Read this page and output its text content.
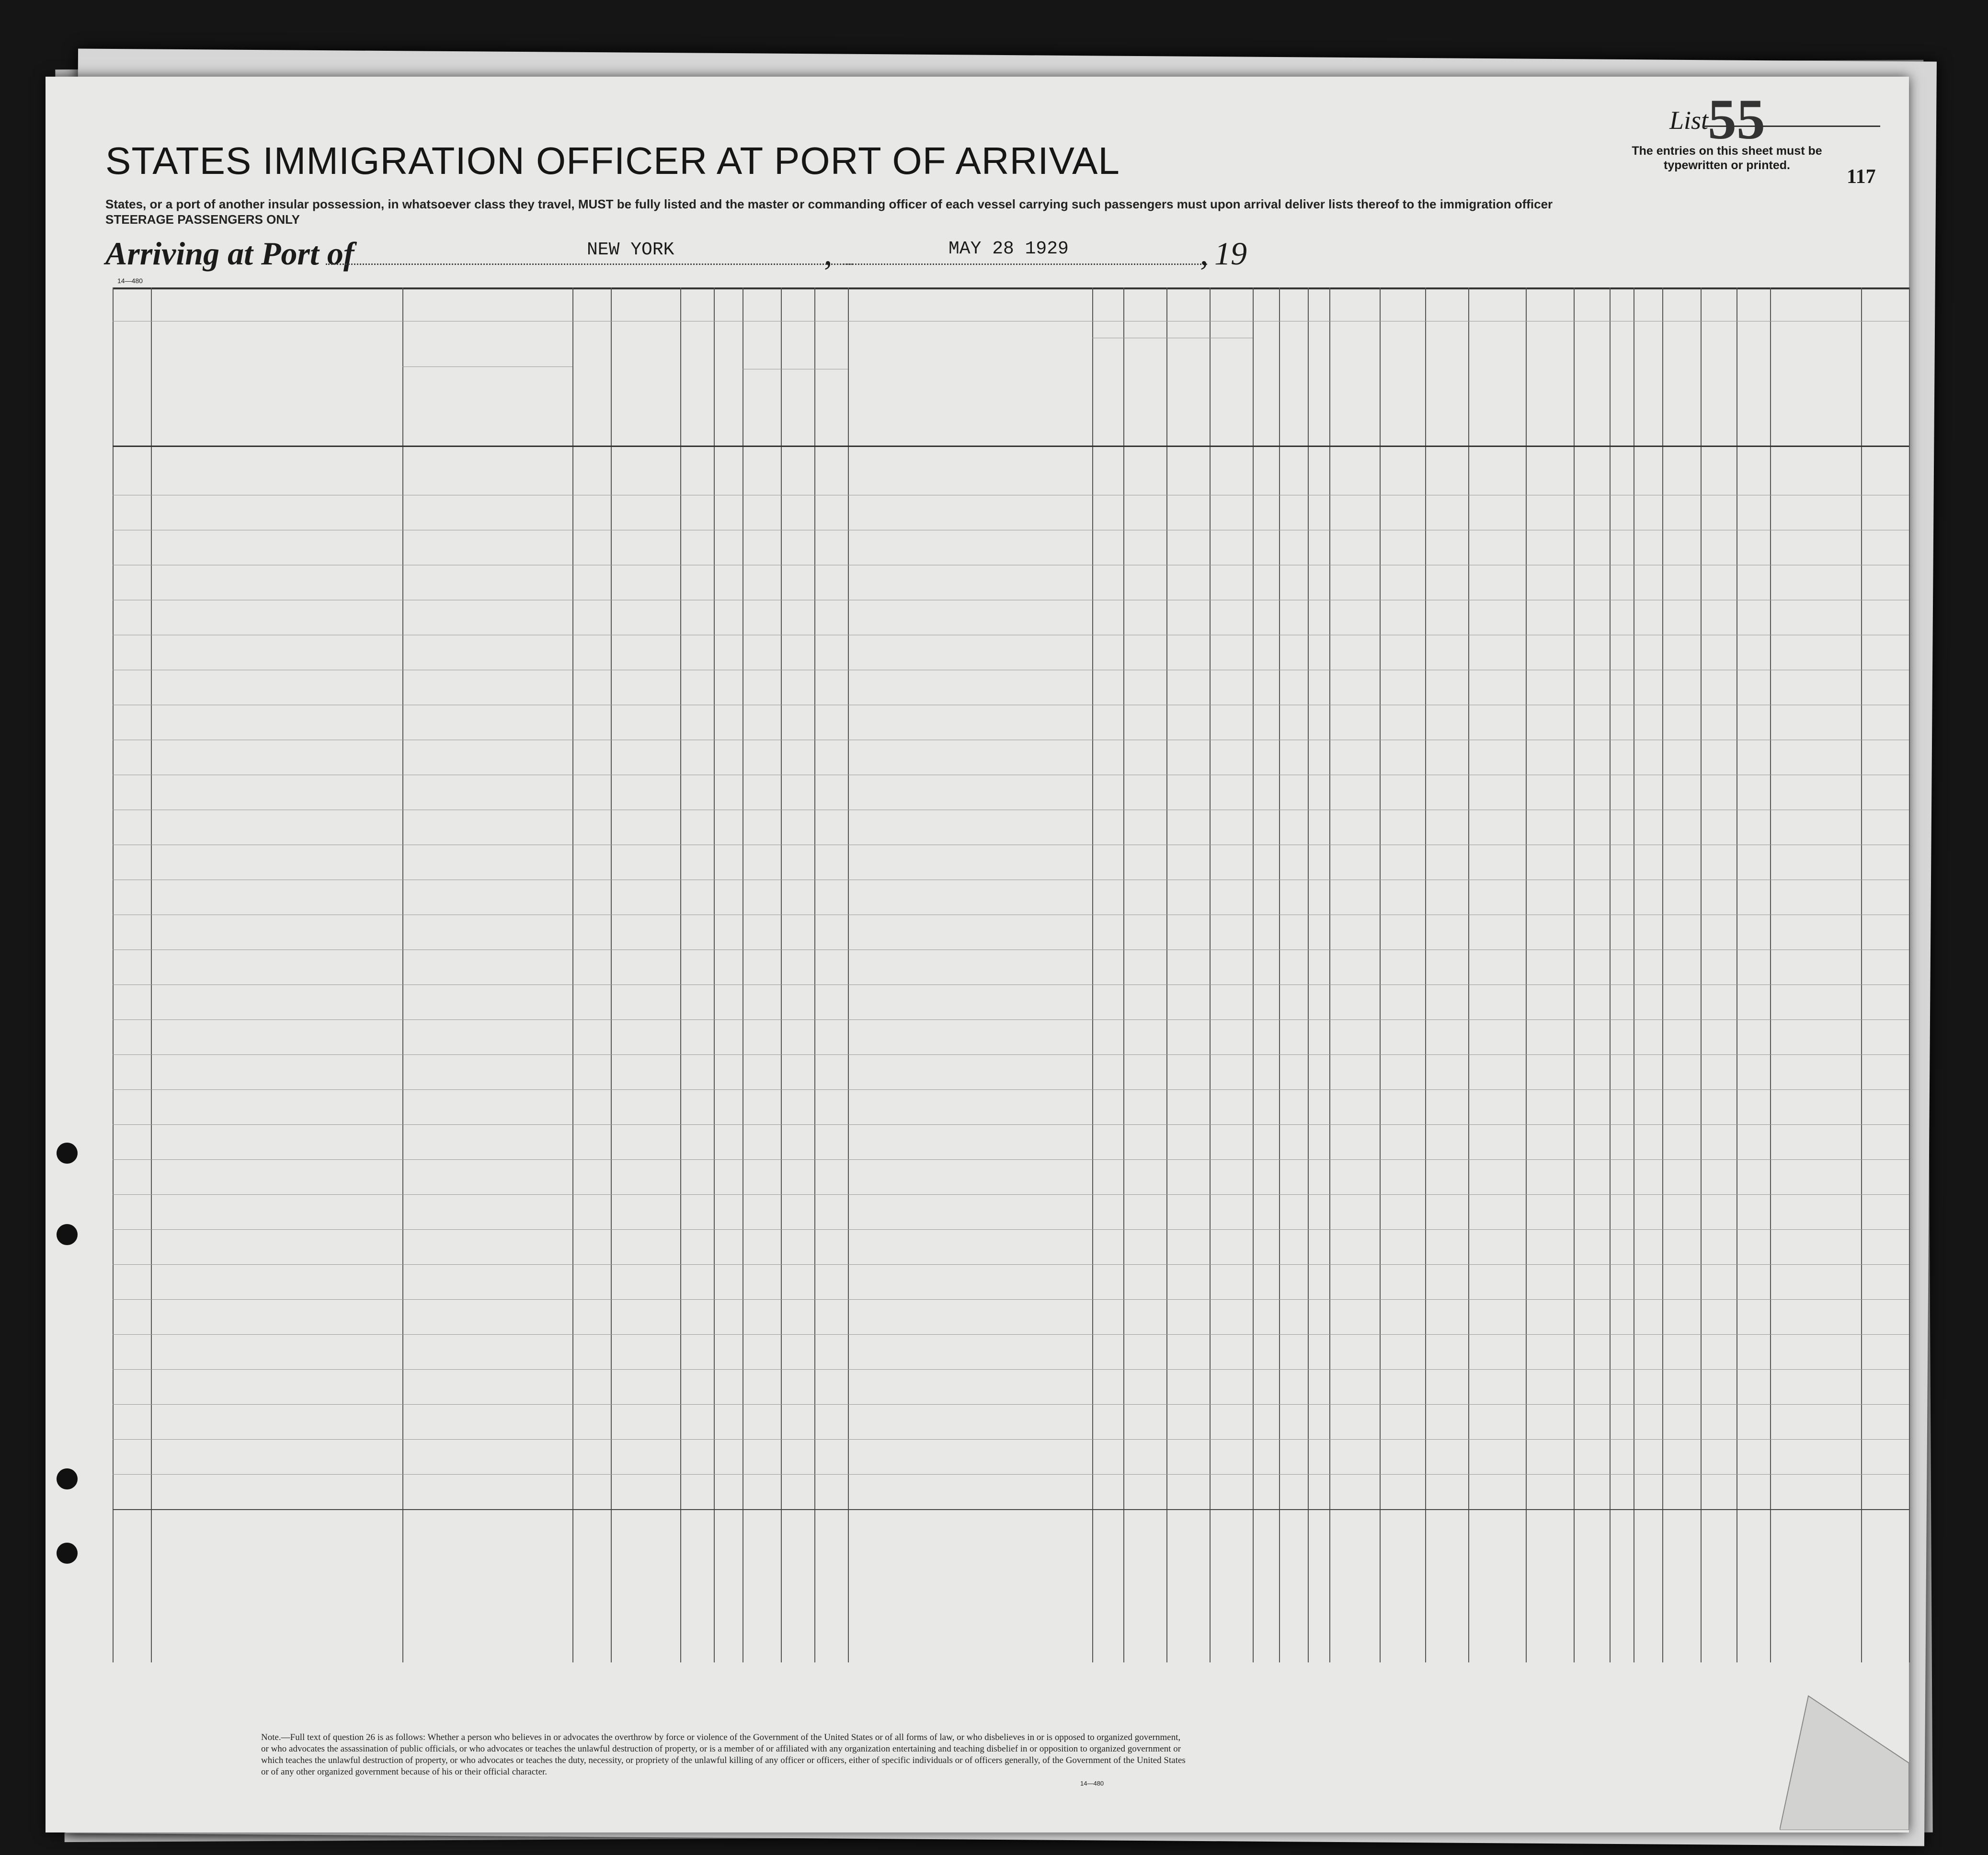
List
55
The entries on this sheet must be typewritten or printed.
117
STATES IMMIGRATION OFFICER AT PORT OF ARRIVAL
States, or a port of another insular possession, in whatsoever class they travel, MUST be fully listed and the master or commanding officer of each vessel carrying such passengers must upon arrival deliver lists thereof to the immigration officer
STEERAGE PASSENGERS ONLY
Arriving at Port of	NEW YORK	,	MAY 28 1929	, 19
14—480
Note.—Full text of question 26 is as follows: Whether a person who believes in or advocates the overthrow by force or violence of the Government of the United States or of all forms of law, or who disbelieves in or is opposed to organized government, or who advocates the assassination of public officials, or who advocates or teaches the unlawful destruction of property, or is a member of or affiliated with any organization entertaining and teaching disbelief in or opposition to organized government or which teaches the unlawful destruction of property, or who advocates or teaches the duty, necessity, or propriety of the unlawful killing of any officer or officers, either of specific individuals or of officers generally, of the Government of the United States or of any other organized government because of his or their official character.
14—480
